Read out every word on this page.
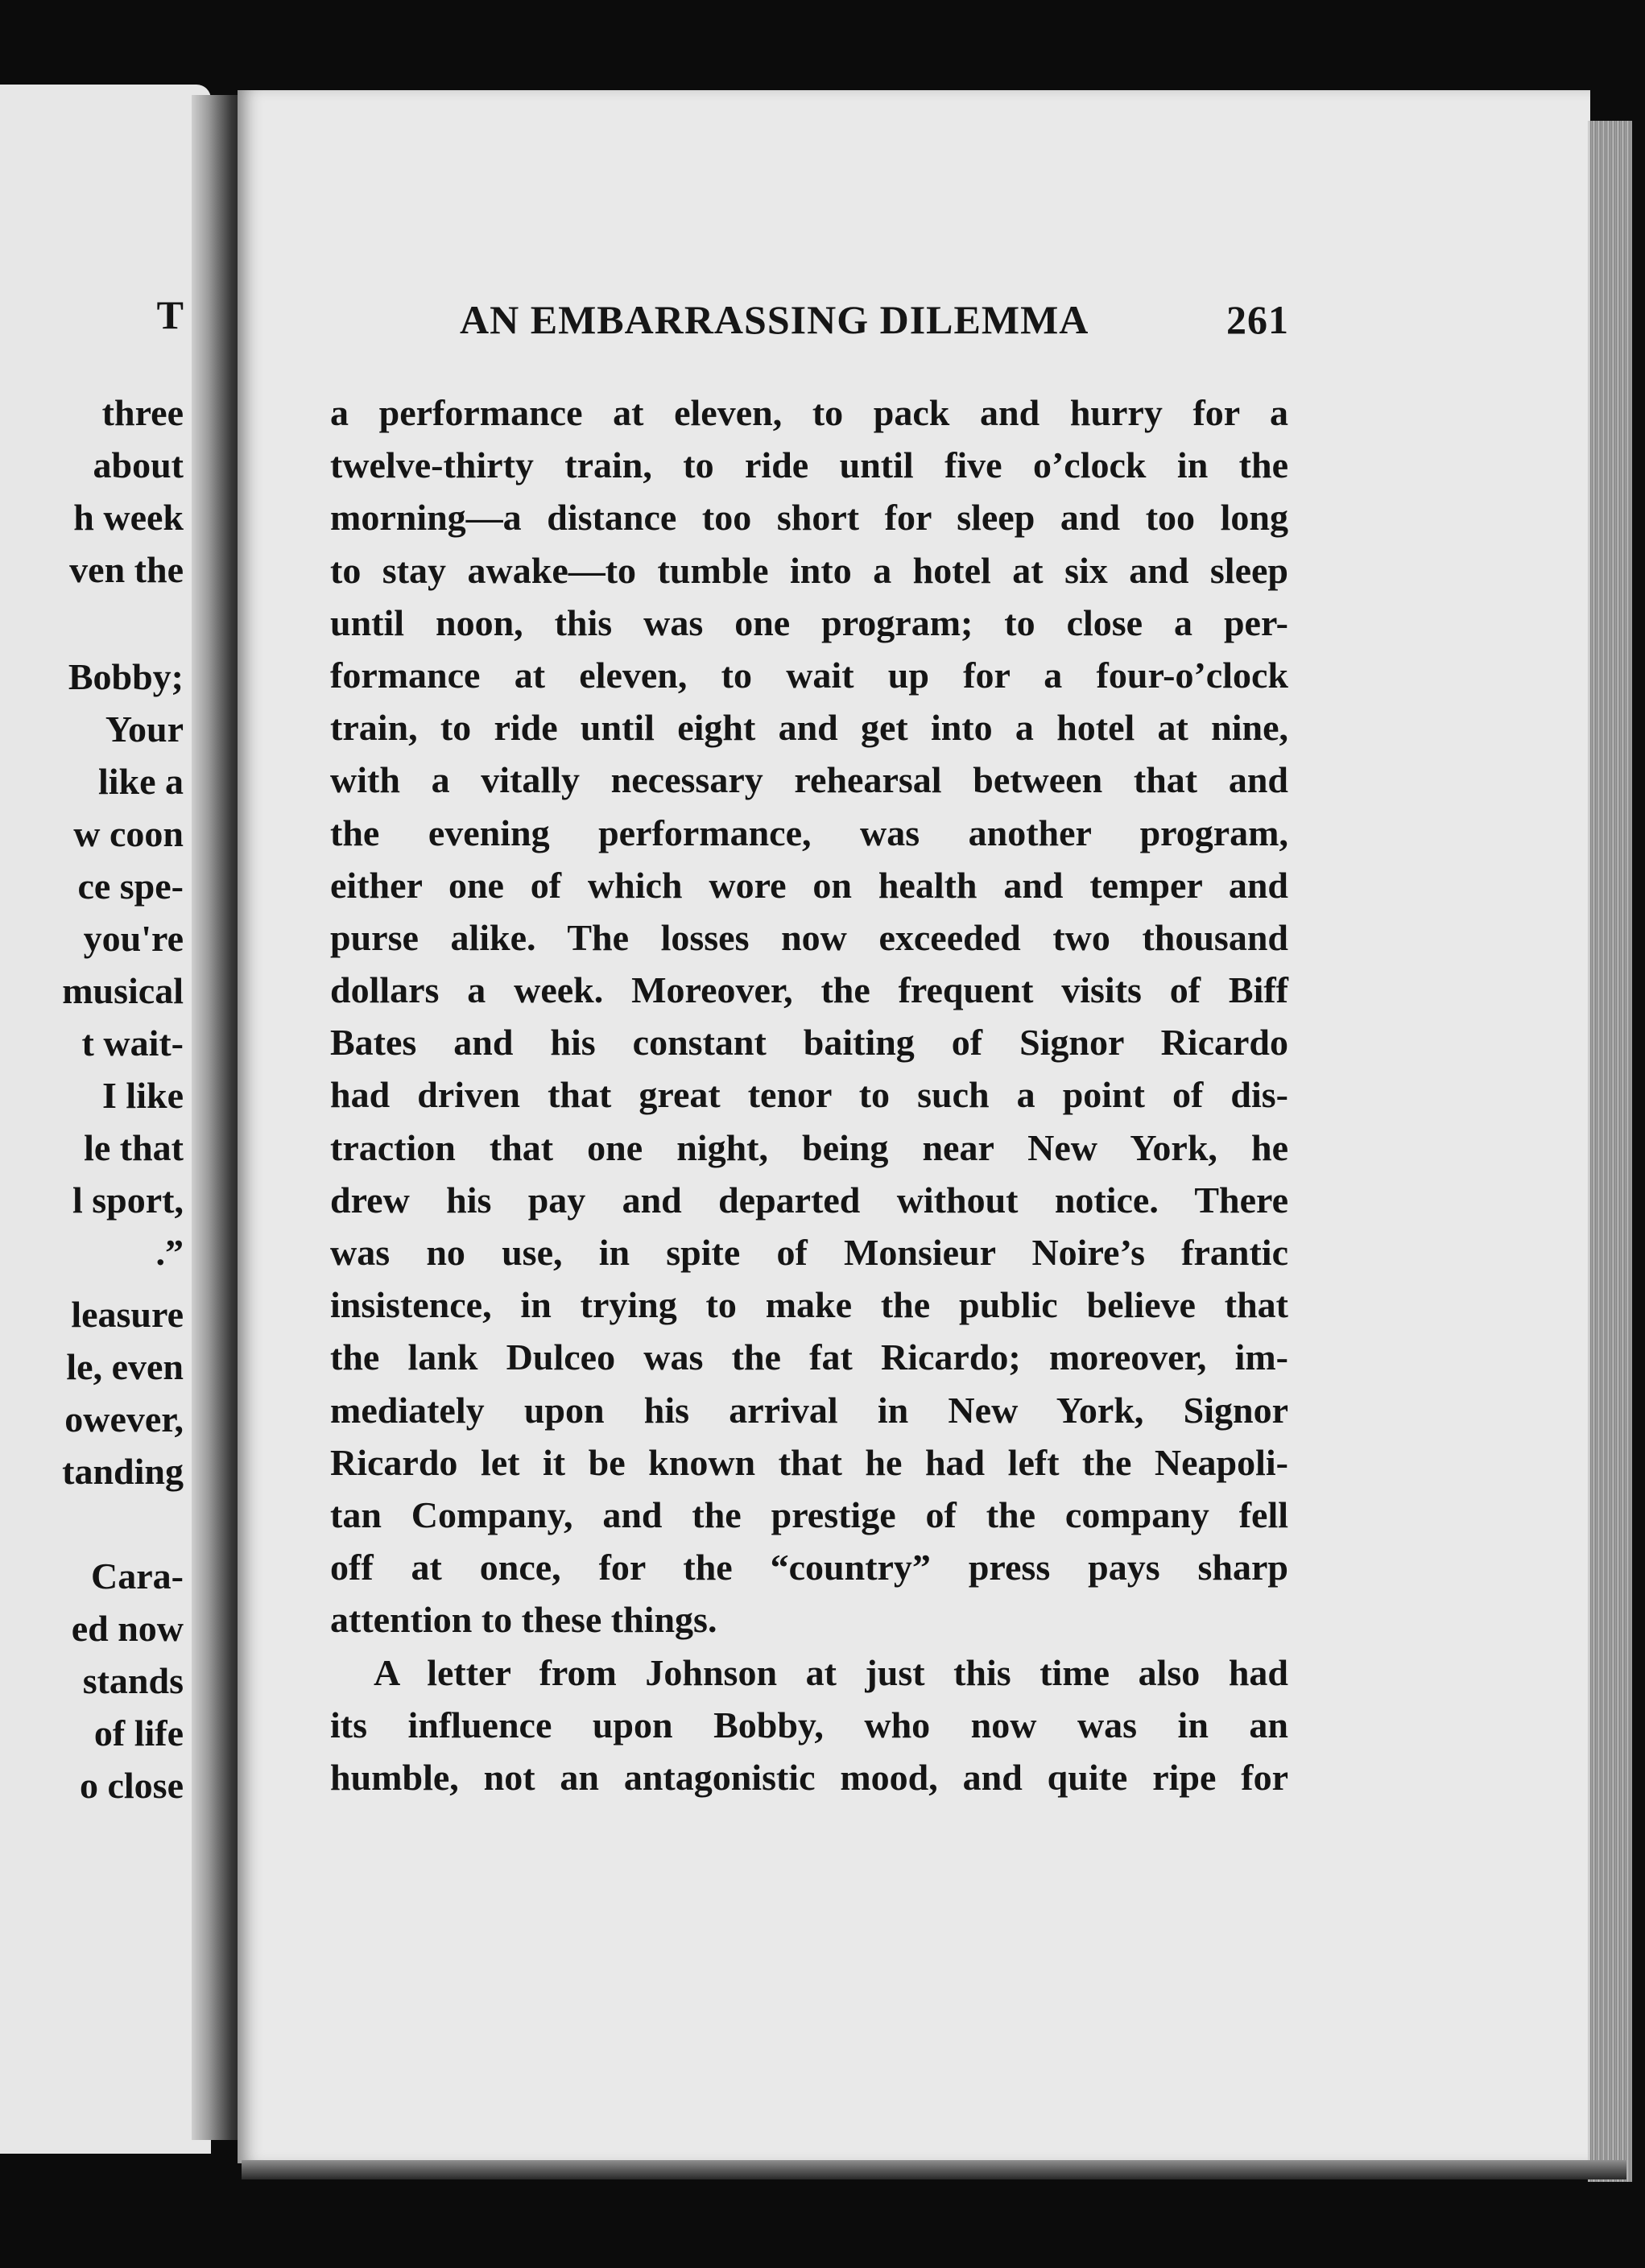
T
three
about
h week
ven the
Bobby;
Your
like a
w coon
ce spe-
you're
musical
t wait-
I like
le that
l sport,
.”
leasure
le, even
owever,
tanding
Cara-
ed now
stands
of life
o close
AN EMBARRASSING DILEMMA	261
a performance at eleven, to pack and hurry for a
twelve-thirty train, to ride until five o’clock in the
morning—a distance too short for sleep and too long
to stay awake—to tumble into a hotel at six and sleep
until noon, this was one program; to close a per-
formance at eleven, to wait up for a four-o’clock
train, to ride until eight and get into a hotel at nine,
with a vitally necessary rehearsal between that and
the evening performance, was another program,
either one of which wore on health and temper and
purse alike. The losses now exceeded two thousand
dollars a week. Moreover, the frequent visits of Biff
Bates and his constant baiting of Signor Ricardo
had driven that great tenor to such a point of dis-
traction that one night, being near New York, he
drew his pay and departed without notice. There
was no use, in spite of Monsieur Noire’s frantic
insistence, in trying to make the public believe that
the lank Dulceo was the fat Ricardo; moreover, im-
mediately upon his arrival in New York, Signor
Ricardo let it be known that he had left the Neapoli-
tan Company, and the prestige of the company fell
off at once, for the “country” press pays sharp
attention to these things.
A letter from Johnson at just this time also had
its influence upon Bobby, who now was in an
humble, not an antagonistic mood, and quite ripe for
